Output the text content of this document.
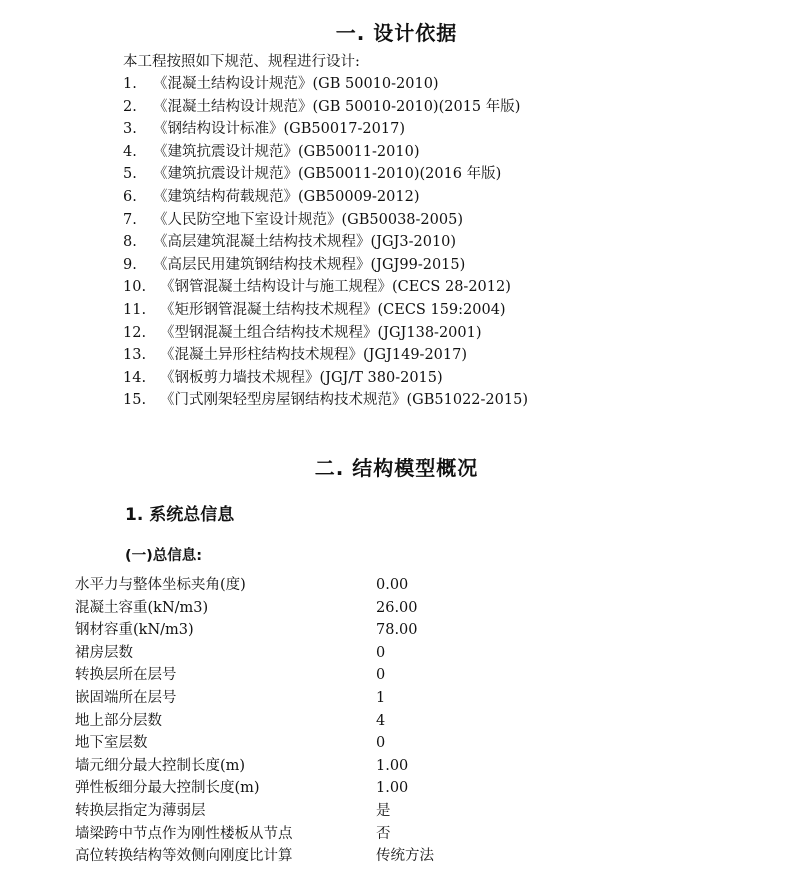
一. 设计依据
本工程按照如下规范、规程进行设计:
1.	《混凝土结构设计规范》(GB 50010-2010)
2.	《混凝土结构设计规范》(GB 50010-2010)(2015 年版)
3.	《钢结构设计标准》(GB50017-2017)
4.	《建筑抗震设计规范》(GB50011-2010)
5.	《建筑抗震设计规范》(GB50011-2010)(2016 年版)
6.	《建筑结构荷载规范》(GB50009-2012)
7.	《人民防空地下室设计规范》(GB50038-2005)
8.	《高层建筑混凝土结构技术规程》(JGJ3-2010)
9.	《高层民用建筑钢结构技术规程》(JGJ99-2015)
10. 《钢管混凝土结构设计与施工规程》(CECS 28-2012)
11. 《矩形钢管混凝土结构技术规程》(CECS 159:2004)
12. 《型钢混凝土组合结构技术规程》(JGJ138-2001)
13. 《混凝土异形柱结构技术规程》(JGJ149-2017)
14. 《钢板剪力墙技术规程》(JGJ/T 380-2015)
15. 《门式刚架轻型房屋钢结构技术规范》(GB51022-2015)
二. 结构模型概况
1. 系统总信息
(一)总信息:
水平力与整体坐标夹角(度)	0.00
混凝土容重(kN/m3)	26.00
钢材容重(kN/m3)	78.00
裙房层数	0
转换层所在层号	0
嵌固端所在层号	1
地上部分层数	4
地下室层数	0
墙元细分最大控制长度(m)	1.00
弹性板细分最大控制长度(m)	1.00
转换层指定为薄弱层	是
墙梁跨中节点作为刚性楼板从节点	否
高位转换结构等效侧向刚度比计算	传统方法
